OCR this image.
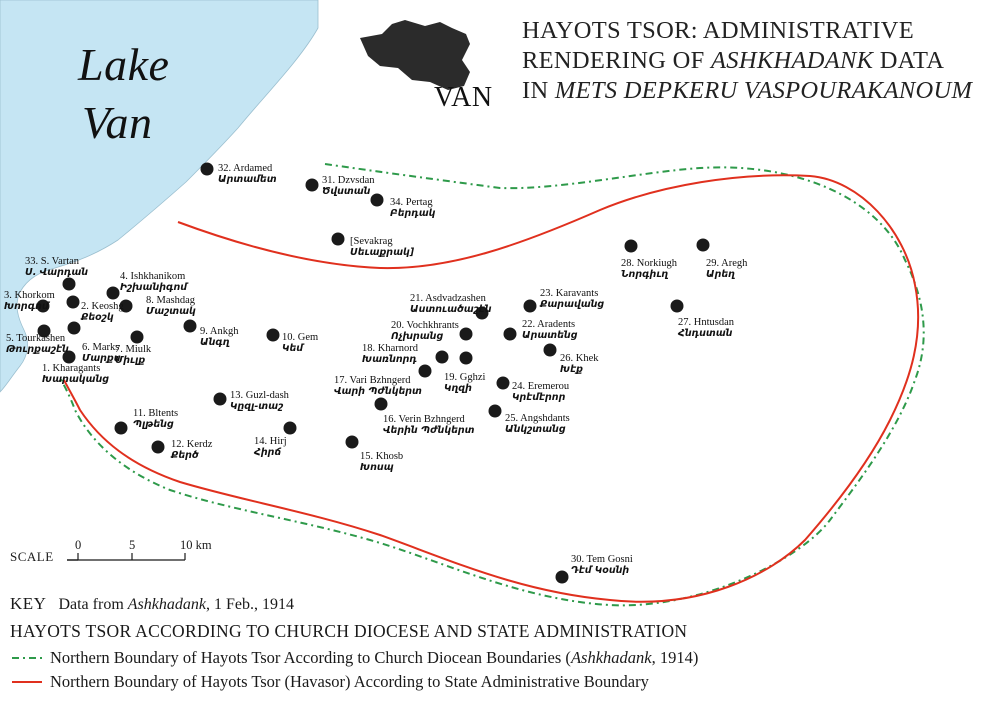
Lake
Van	VAN
HAYOTS TSOR: ADMINISTRATIVE
RENDERING OF ASHKHADANK DATA
IN METS DEPKERU VASPOURAKANOUM
1. Kharagants
Խարականց
2. Keoshg
Քեօշկ
3. Khorkom
Խորգոմ
4. Ishkhanikom
Իշխանիգոմ
5. Tourkashen
Թուրքաշէն 6. Marks
Մարքս
7. Miulk
Միւլք
8. Mashdag
Մաշտակ
9. Ankgh
Անգղ	10. Gem
Կեմ
11. Bltents
Պլթենց
12. Kerdz
Քերծ
13. Guzl-dash
Կըզլ-տաշ
14. Hirj
Հիրճ	15. Khosb
Խոսպ
16. Verin Bzhngerd
Վերին Պժնկերտ
17. Vari Bzhngerd
Վարի Պժնկերտ
18. Kharnord
Խառնորդ
19. Gghzi
Կղզի
20. Vochkhrants
Ոչխրանց
21. Asdvadzashen
Աստուածաշէն
22. Aradents
Արատենց
23. Karavants
Քարավանց
24. Eremerou
Կրէմէրոր
25. Angshdants
Անկշտանց
26. Khek
Խէք
27. Hntusdan
Հնդստան
28. Norkiugh
Նորգիւղ
29. Aregh
Արեղ
30. Tem Gosni
Դէմ Կօսնի
31. Dzvsdan
Ծվստան
32. Ardamed
Արտամետ
33. S. Vartan
Ս. Վարդան
34. Pertag
Բերդակ
[Sevakrag
Սեւաքրակ]
SCALE
0	5	10 km
KEY Data from Ashkhadank, 1 Feb., 1914
HAYOTS TSOR ACCORDING TO CHURCH DIOCESE AND STATE ADMINISTRATION
Northern Boundary of Hayots Tsor According to Church Diocean Boundaries ( Ashkhadank , 1914)
Northern Boundary of Hayots Tsor (Havasor) According to State Administrative Boundary
